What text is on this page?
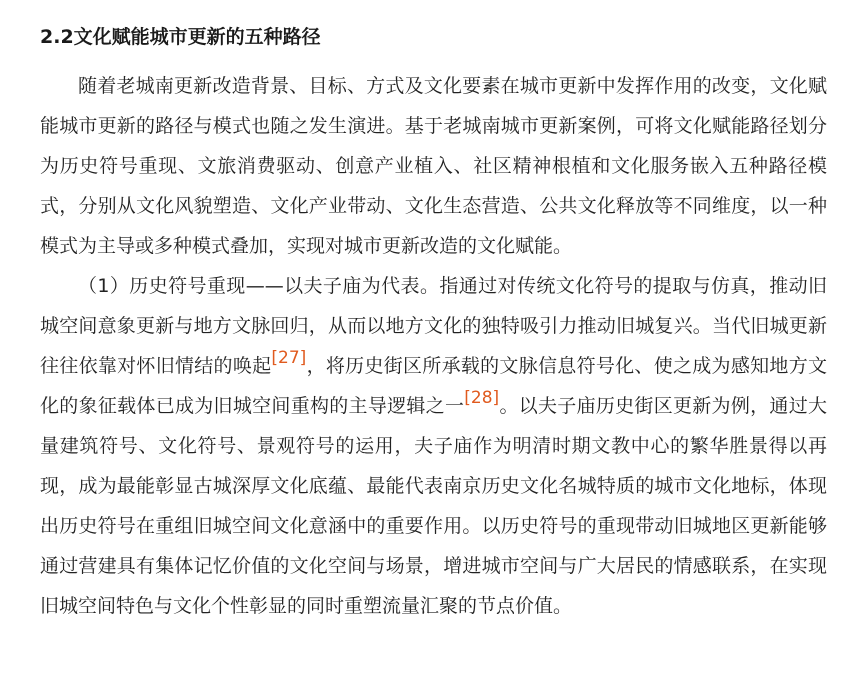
2.2文化赋能城市更新的五种路径

随着老城南更新改造背景、目标、方式及文化要素在城市更新中发挥作用的改变，文化赋能城市更新的路径与模式也随之发生演进。基于老城南城市更新案例，可将文化赋能路径划分为历史符号重现、文旅消费驱动、创意产业植入、社区精神根植和文化服务嵌入五种路径模式，分别从文化风貌塑造、文化产业带动、文化生态营造、公共文化释放等不同维度，以一种模式为主导或多种模式叠加，实现对城市更新改造的文化赋能。

（1）历史符号重现——以夫子庙为代表。指通过对传统文化符号的提取与仿真，推动旧城空间意象更新与地方文脉回归，从而以地方文化的独特吸引力推动旧城复兴。当代旧城更新往往依靠对怀旧情结的唤起[27]，将历史街区所承载的文脉信息符号化、使之成为感知地方文化的象征载体已成为旧城空间重构的主导逻辑之一[28]。以夫子庙历史街区更新为例，通过大量建筑符号、文化符号、景观符号的运用，夫子庙作为明清时期文教中心的繁华胜景得以再现，成为最能彰显古城深厚文化底蕴、最能代表南京历史文化名城特质的城市文化地标，体现出历史符号在重组旧城空间文化意涵中的重要作用。以历史符号的重现带动旧城地区更新能够通过营建具有集体记忆价值的文化空间与场景，增进城市空间与广大居民的情感联系，在实现旧城空间特色与文化个性彰显的同时重塑流量汇聚的节点价值。
